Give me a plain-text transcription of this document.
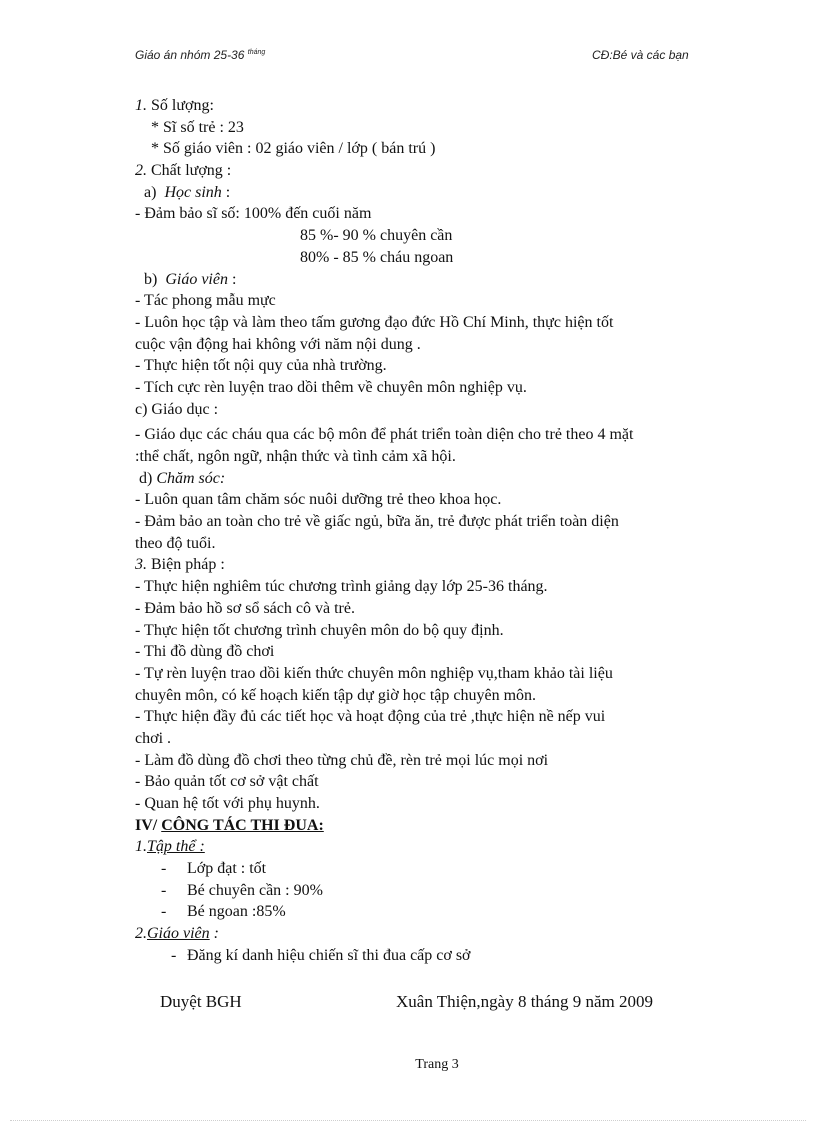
Giáo án nhóm 25-36 $^{tháng}$	CĐ:Bé và các bạn
1. Số lượng:
* Sĩ số trẻ : 23
* Số giáo viên : 02 giáo viên / lớp ( bán trú )
2. Chất lượng :
a) Học sinh :
- Đảm bảo sĩ số: 100% đến cuối năm
85 %- 90 % chuyên cần
80% - 85 % cháu ngoan
b) Giáo viên :
- Tác phong mẫu mực
- Luôn học tập và làm theo tấm gương đạo đức Hồ Chí Minh, thực hiện tốt
cuộc vận động hai không với năm nội dung .
- Thực hiện tốt nội quy của nhà trường.
- Tích cực rèn luyện trao dồi thêm về chuyên môn nghiệp vụ.
c) Giáo dục :
- Giáo dục các cháu qua các bộ môn để phát triển toàn diện cho trẻ theo 4 mặt
:thể chất, ngôn ngữ, nhận thức và tình cảm xã hội.
d) Chăm sóc:
- Luôn quan tâm chăm sóc nuôi dưỡng trẻ theo khoa học.
- Đảm bảo an toàn cho trẻ về giấc ngủ, bữa ăn, trẻ được phát triển toàn diện
theo độ tuổi.
3. Biện pháp :
- Thực hiện nghiêm túc chương trình giảng dạy lớp 25-36 tháng.
- Đảm bảo hồ sơ sổ sách cô và trẻ.
- Thực hiện tốt chương trình chuyên môn do bộ quy định.
- Thi đồ dùng đồ chơi
- Tự rèn luyện trao dồi kiến thức chuyên môn nghiệp vụ,tham khảo tài liệu
chuyên môn, có kế hoạch kiến tập dự giờ học tập chuyên môn.
- Thực hiện đầy đủ các tiết học và hoạt động của trẻ ,thực hiện nề nếp vui
chơi .
- Làm đồ dùng đồ chơi theo từng chủ đề, rèn trẻ mọi lúc mọi nơi
- Bảo quản tốt cơ sở vật chất
- Quan hệ tốt với phụ huynh.
IV/ CÔNG TÁC THI ĐUA:
1.Tập thể :
- Lớp đạt : tốt
- Bé chuyên cần : 90%
- Bé ngoan :85%
2.Giáo viên :
- Đăng kí danh hiệu chiến sĩ thi đua cấp cơ sở
Duyệt BGH	Xuân Thiện,ngày 8 tháng 9 năm 2009
Trang 3
